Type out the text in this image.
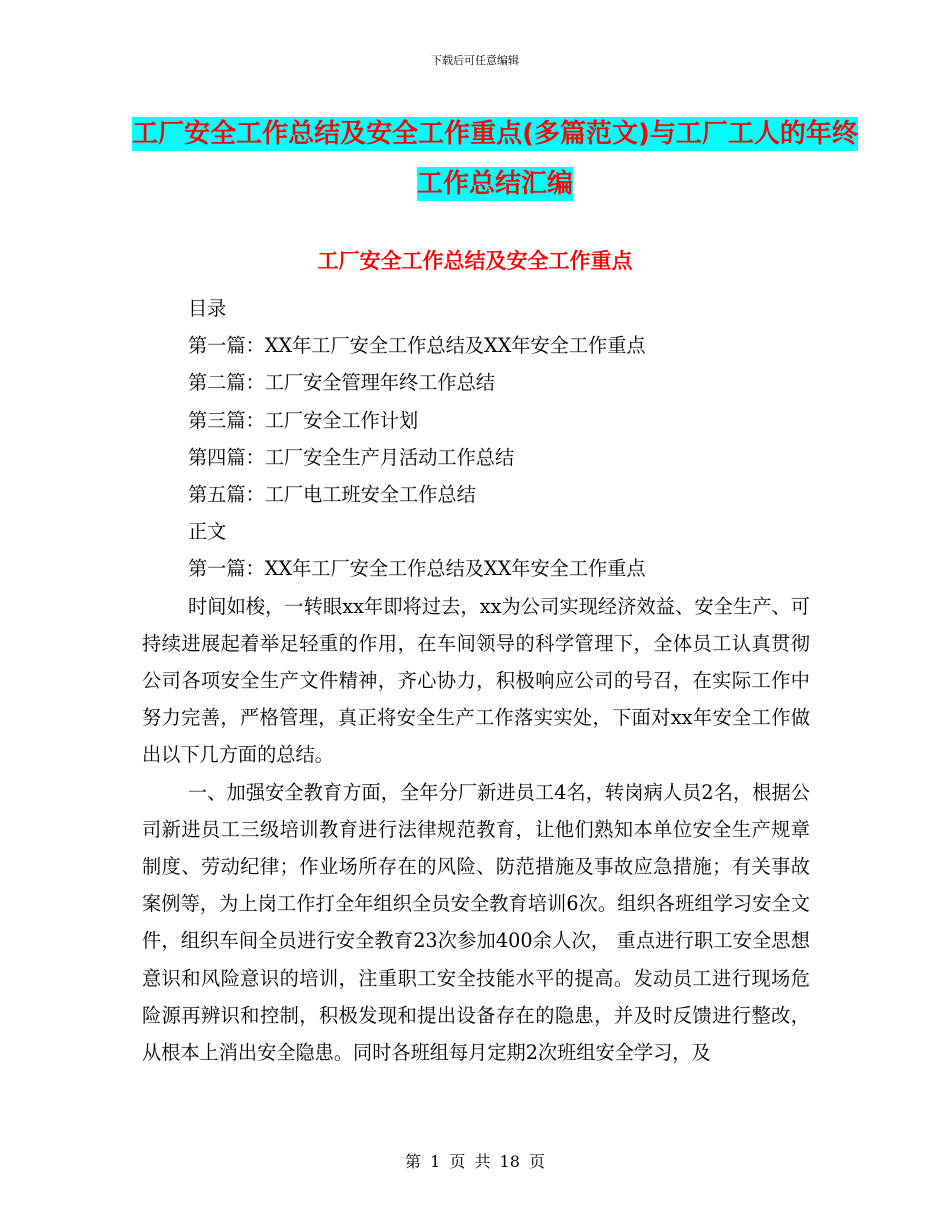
下载后可任意编辑
工厂安全工作总结及安全工作重点(多篇范文)与工厂工人的年终工作总结汇编
工厂安全工作总结及安全工作重点

目录

第一篇：XX年工厂安全工作总结及XX年安全工作重点

第二篇：工厂安全管理年终工作总结

第三篇：工厂安全工作计划

第四篇：工厂安全生产月活动工作总结

第五篇：工厂电工班安全工作总结

正文

第一篇：XX年工厂安全工作总结及XX年安全工作重点

时间如梭，一转眼xx年即将过去，xx为公司实现经济效益、安全生产、可持续进展起着举足轻重的作用，在车间领导的科学管理下，全体员工认真贯彻公司各项安全生产文件精神，齐心协力，积极响应公司的号召，在实际工作中努力完善，严格管理，真正将安全生产工作落实实处，下面对xx年安全工作做出以下几方面的总结。

一、加强安全教育方面，全年分厂新进员工4名，转岗病人员2名，根据公司新进员工三级培训教育进行法律规范教育，让他们熟知本单位安全生产规章制度、劳动纪律；作业场所存在的风险、防范措施及事故应急措施；有关事故案例等，为上岗工作打全年组织全员安全教育培训6次。组织各班组学习安全文件，组织车间全员进行安全教育23次参加400余人次， 重点进行职工安全思想意识和风险意识的培训，注重职工安全技能水平的提高。发动员工进行现场危险源再辨识和控制，积极发现和提出设备存在的隐患，并及时反馈进行整改，从根本上消出安全隐患。同时各班组每月定期2次班组安全学习，及

第 1 页 共 18 页
